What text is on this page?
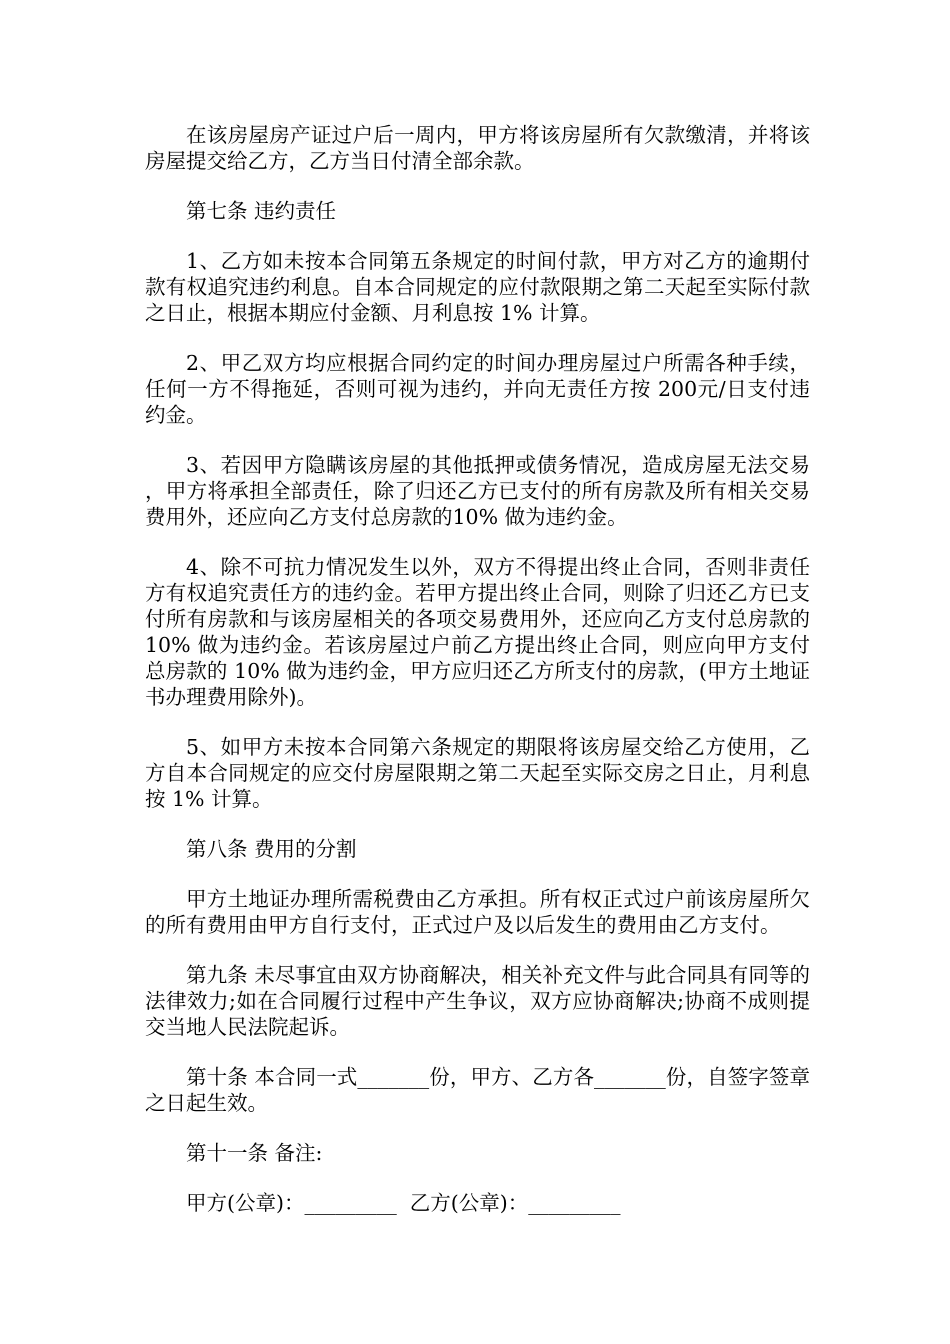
在该房屋房产证过户后一周内，甲方将该房屋所有欠款缴清，并将该房屋提交给乙方，乙方当日付清全部余款。

第七条 违约责任

1、乙方如未按本合同第五条规定的时间付款，甲方对乙方的逾期付款有权追究违约利息。自本合同规定的应付款限期之第二天起至实际付款之日止，根据本期应付金额、月利息按 1% 计算。

2、甲乙双方均应根据合同约定的时间办理房屋过户所需各种手续，任何一方不得拖延，否则可视为违约，并向无责任方按 200元/日支付违约金。

3、若因甲方隐瞒该房屋的其他抵押或债务情况，造成房屋无法交易，甲方将承担全部责任，除了归还乙方已支付的所有房款及所有相关交易费用外，还应向乙方支付总房款的10% 做为违约金。

4、除不可抗力情况发生以外，双方不得提出终止合同，否则非责任方有权追究责任方的违约金。若甲方提出终止合同，则除了归还乙方已支付所有房款和与该房屋相关的各项交易费用外，还应向乙方支付总房款的 10% 做为违约金。若该房屋过户前乙方提出终止合同，则应向甲方支付总房款的 10% 做为违约金，甲方应归还乙方所支付的房款，(甲方土地证书办理费用除外)。

5、如甲方未按本合同第六条规定的期限将该房屋交给乙方使用，乙方自本合同规定的应交付房屋限期之第二天起至实际交房之日止，月利息按 1% 计算。

第八条 费用的分割

甲方土地证办理所需税费由乙方承担。所有权正式过户前该房屋所欠的所有费用由甲方自行支付，正式过户及以后发生的费用由乙方支付。

第九条 未尽事宜由双方协商解决，相关补充文件与此合同具有同等的法律效力;如在合同履行过程中产生争议，双方应协商解决;协商不成则提交当地人民法院起诉。

第十条 本合同一式_______份，甲方、乙方各_______份，自签字签章之日起生效。

第十一条 备注:

甲方(公章)：_________  乙方(公章)：_________
